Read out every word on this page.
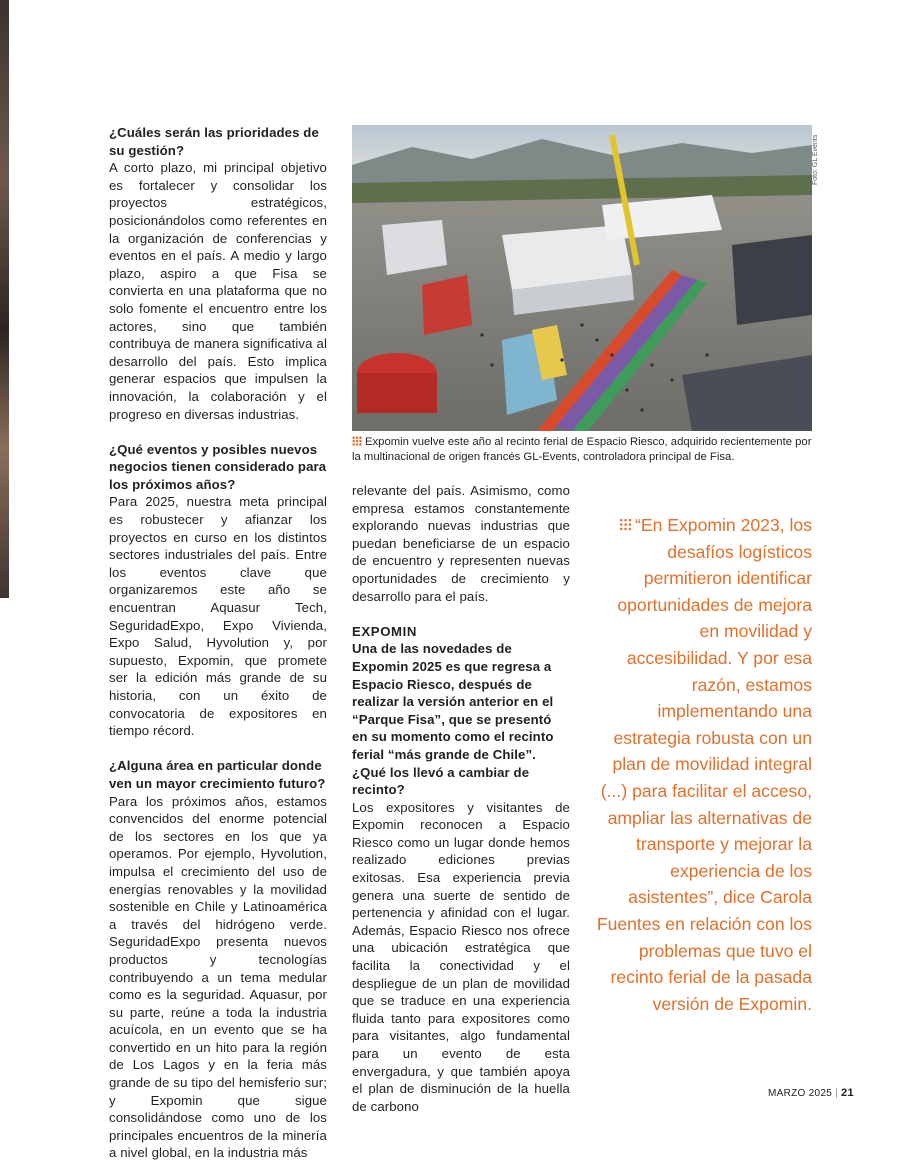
¿Cuáles serán las prioridades de su gestión?

A corto plazo, mi principal objetivo es fortalecer y consolidar los proyectos estratégicos, posicionándolos como referentes en la organización de conferencias y eventos en el país. A medio y largo plazo, aspiro a que Fisa se convierta en una plataforma que no solo fomente el encuentro entre los actores, sino que también contribuya de manera significativa al desarrollo del país. Esto implica generar espacios que impulsen la innovación, la colaboración y el progreso en diversas industrias.

¿Qué eventos y posibles nuevos negocios tienen considerado para los próximos años?

Para 2025, nuestra meta principal es robustecer y afianzar los proyectos en curso en los distintos sectores industriales del país. Entre los eventos clave que organizaremos este año se encuentran Aquasur Tech, SeguridadExpo, Expo Vivienda, Expo Salud, Hyvolution y, por supuesto, Expomin, que promete ser la edición más grande de su historia, con un éxito de convocatoria de expositores en tiempo récord.

¿Alguna área en particular donde ven un mayor crecimiento futuro?

Para los próximos años, estamos convencidos del enorme potencial de los sectores en los que ya operamos. Por ejemplo, Hyvolution, impulsa el crecimiento del uso de energías renovables y la movilidad sostenible en Chile y Latinoamérica a través del hidrógeno verde. SeguridadExpo presenta nuevos productos y tecnologías contribuyendo a un tema medular como es la seguridad. Aquasur, por su parte, reúne a toda la industria acuícola, en un evento que se ha convertido en un hito para la región de Los Lagos y en la feria más grande de su tipo del hemisferio sur; y Expomin que sigue consolidándose como uno de los principales encuentros de la minería a nivel global, en la industria más

relevante del país. Asimismo, como empresa estamos constantemente explorando nuevas industrias que puedan beneficiarse de un espacio de encuentro y representen nuevas oportunidades de crecimiento y desarrollo para el país.

EXPOMIN

Una de las novedades de Expomin 2025 es que regresa a Espacio Riesco, después de realizar la versión anterior en el “Parque Fisa”, que se presentó en su momento como el recinto ferial “más grande de Chile”. ¿Qué los llevó a cambiar de recinto?

Los expositores y visitantes de Expomin reconocen a Espacio Riesco como un lugar donde hemos realizado ediciones previas exitosas. Esa experiencia previa genera una suerte de sentido de pertenencia y afinidad con el lugar. Además, Espacio Riesco nos ofrece una ubicación estratégica que facilita la conectividad y el despliegue de un plan de movilidad que se traduce en una experiencia fluida tanto para expositores como para visitantes, algo fundamental para un evento de esta envergadura, y que también apoya el plan de disminución de la huella de carbono

Foto: GL Events
Expomin vuelve este año al recinto ferial de Espacio Riesco, adquirido recientemente por la multinacional de origen francés GL-Events, controladora principal de Fisa.
“En Expomin 2023, los desafíos logísticos permitieron identificar oportunidades de mejora en movilidad y accesibilidad. Y por esa razón, estamos implementando una estrategia robusta con un plan de movilidad integral (...) para facilitar el acceso, ampliar las alternativas de transporte y mejorar la experiencia de los asistentes”, dice Carola Fuentes en relación con los problemas que tuvo el recinto ferial de la pasada versión de Expomin.
MARZO 2025 | 21
